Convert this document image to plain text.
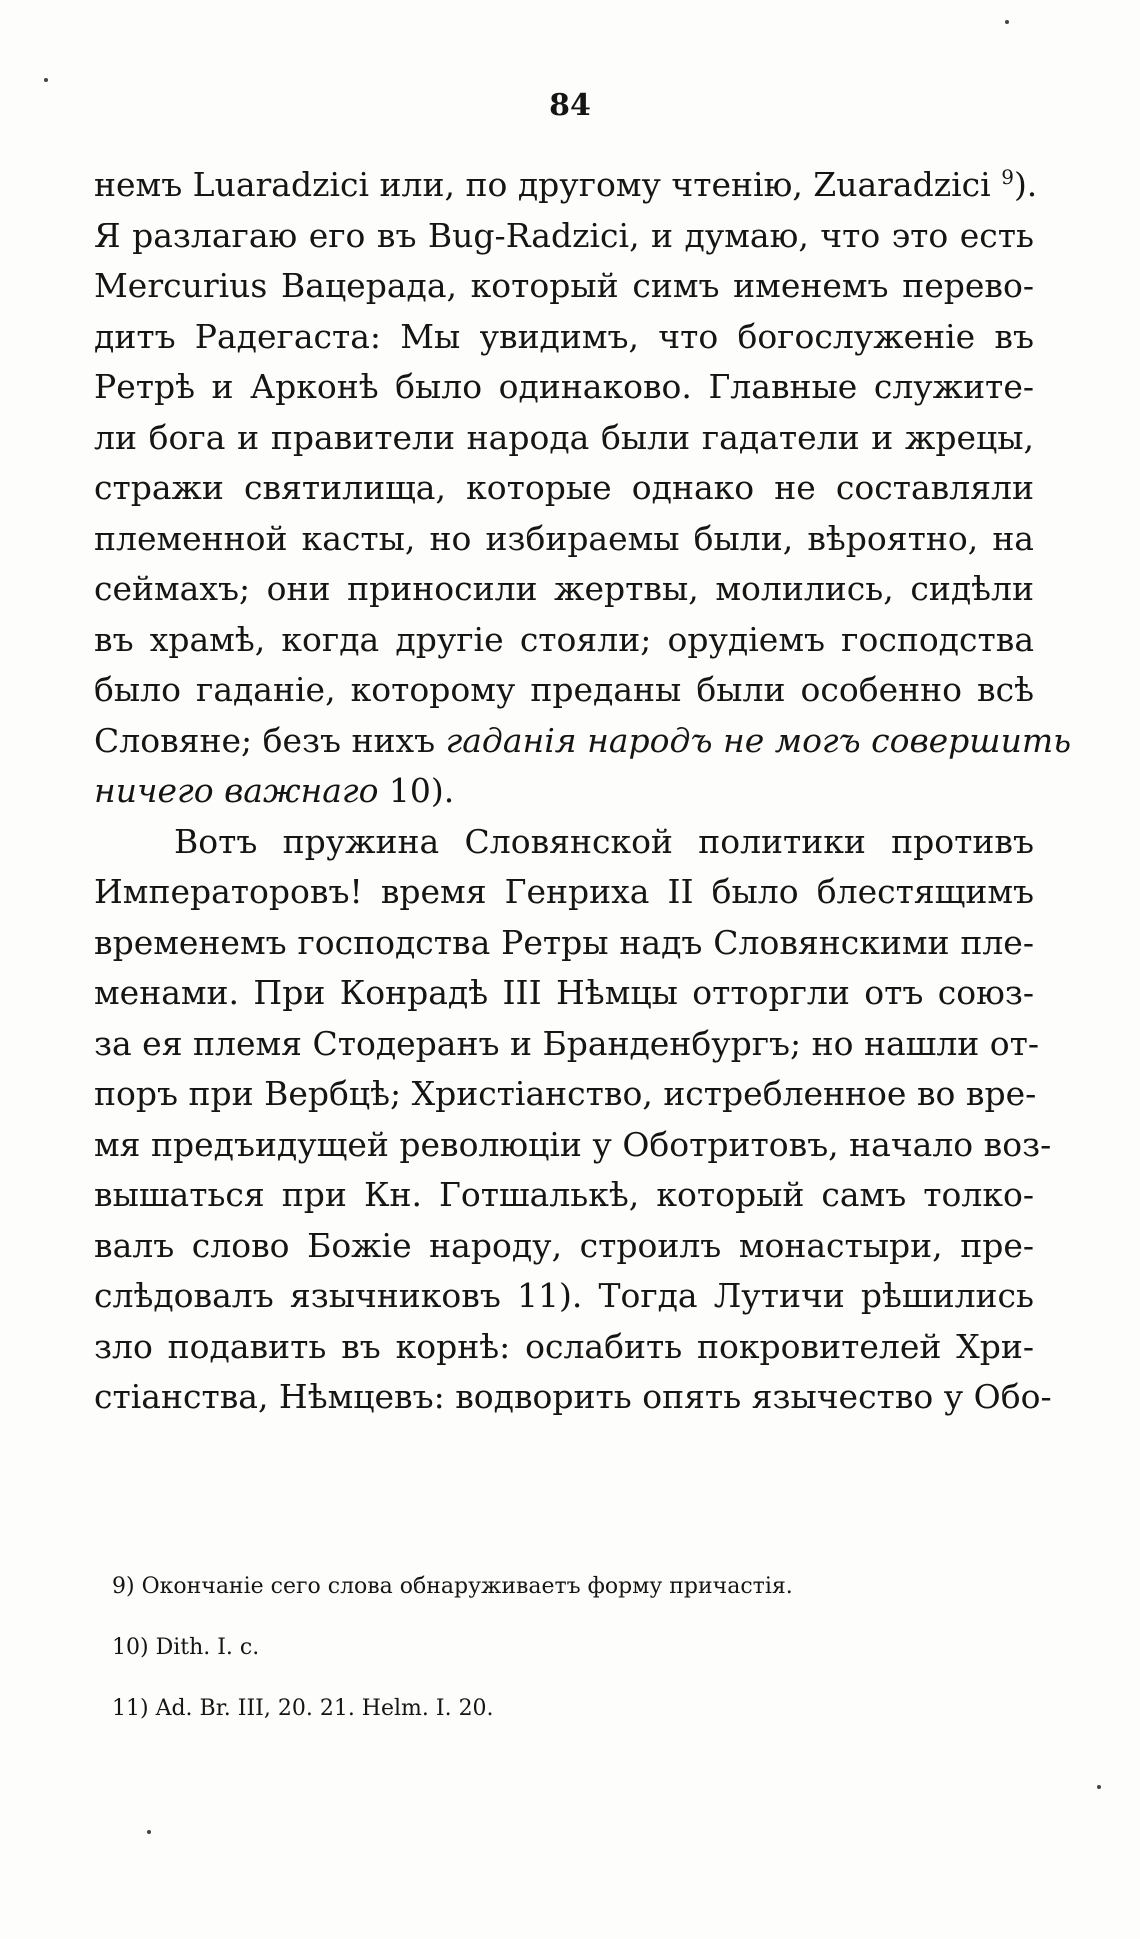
84
немъ Luaradzici или, по другому чтенію, Zuaradzici $^9$).
Я разлагаю его въ Bug-Radzici, и думаю, что это есть
Mercurius Вацерада, который симъ именемъ перево-
дитъ Радегаста: Мы увидимъ, что богослуженіе въ
Ретрѣ и Арконѣ было одинаково. Главные служите-
ли бога и правители народа были гадатели и жрецы,
стражи святилища, которые однако не составляли
племенной касты, но избираемы были, вѣроятно, на
сеймахъ; они приносили жертвы, молились, сидѣли
въ храмѣ, когда другіе стояли; орудіемъ господства
было гаданіе, которому преданы были особенно всѣ
Словяне; безъ нихъ гаданія народъ не могъ совершить
ничего важнаго 10).
Вотъ пружина Словянской политики противъ
Императоровъ! время Генриха II было блестящимъ
временемъ господства Ретры надъ Словянскими пле-
менами. При Конрадѣ III Нѣмцы отторгли отъ союз-
за ея племя Стодеранъ и Бранденбургъ; но нашли от-
поръ при Вербцѣ; Христіанство, истребленное во вре-
мя предъидущей революціи у Оботритовъ, начало воз-
вышаться при Кн. Готшалькѣ, который самъ толко-
валъ слово Божіе народу, строилъ монастыри, пре-
слѣдовалъ язычниковъ 11). Тогда Лутичи рѣшились
зло подавить въ корнѣ: ослабить покровителей Хри-
стіанства, Нѣмцевъ: водворить опять язычество у Обо-
9) Окончаніе сего слова обнаруживаетъ форму причастія.
10) Dith. I. c.
11) Ad. Br. III, 20. 21. Helm. I. 20.
